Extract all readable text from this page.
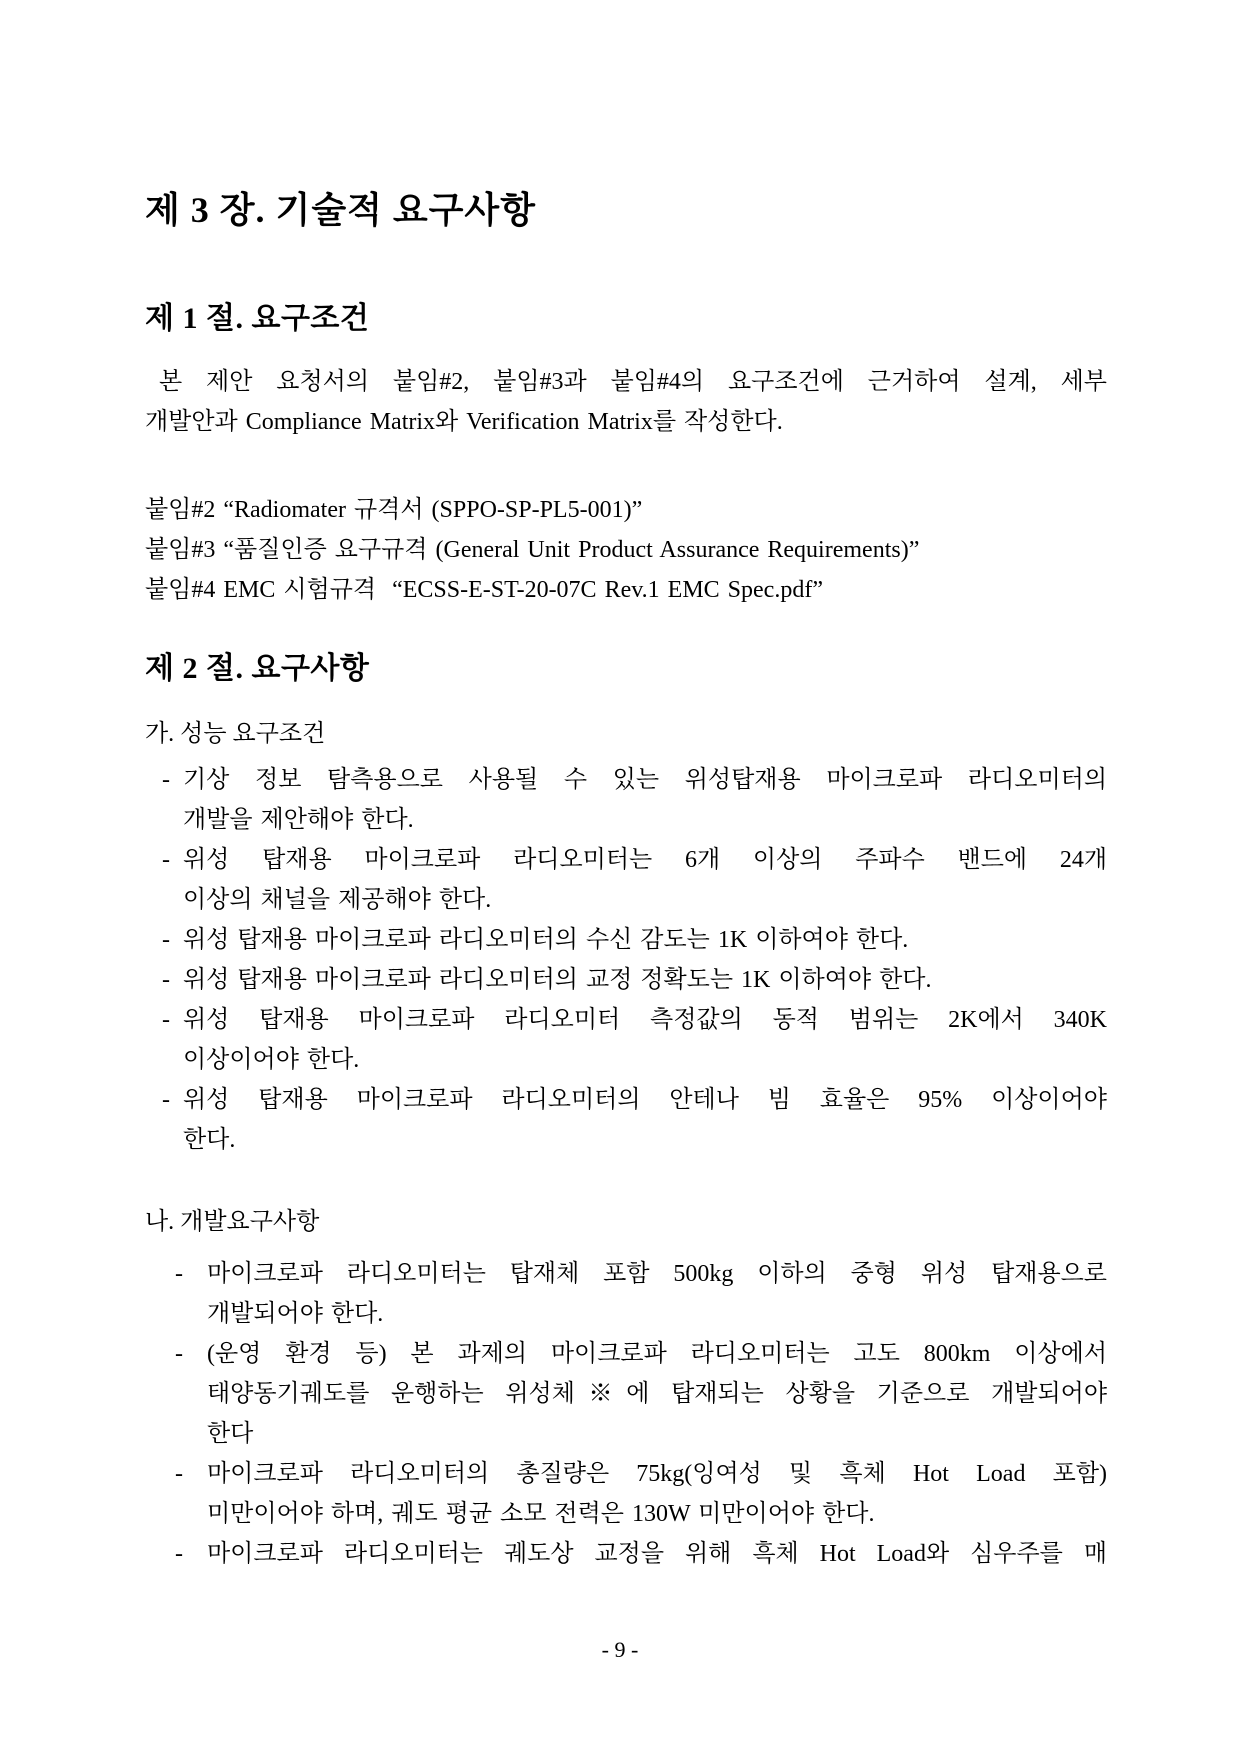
제 3 장. 기술적 요구사항
제 1 절. 요구조건
본 제안 요청서의 붙임#2, 붙임#3과 붙임#4의 요구조건에 근거하여 설계, 세부
개발안과 Compliance Matrix와 Verification Matrix를 작성한다.
붙임#2 “Radiomater 규격서 (SPPO-SP-PL5-001)”
붙임#3 “품질인증 요구규격 (General Unit Product Assurance Requirements)”
붙임#4 EMC 시험규격  “ECSS-E-ST-20-07C Rev.1 EMC Spec.pdf”
제 2 절. 요구사항
가. 성능 요구조건
- 기상 정보 탐측용으로 사용될 수 있는 위성탑재용 마이크로파 라디오미터의
개발을 제안해야 한다.
- 위성 탑재용 마이크로파 라디오미터는 6개 이상의 주파수 밴드에 24개
이상의 채널을 제공해야 한다.
- 위성 탑재용 마이크로파 라디오미터의 수신 감도는 1K 이하여야 한다.
- 위성 탑재용 마이크로파 라디오미터의 교정 정확도는 1K 이하여야 한다.
- 위성 탑재용 마이크로파 라디오미터 측정값의 동적 범위는 2K에서 340K
이상이어야 한다.
- 위성 탑재용 마이크로파 라디오미터의 안테나 빔 효율은 95% 이상이어야
한다.
나. 개발요구사항
- 마이크로파 라디오미터는 탑재체 포함 500kg 이하의 중형 위성 탑재용으로
개발되어야 한다.
- (운영 환경 등) 본 과제의 마이크로파 라디오미터는 고도 800km 이상에서
태양동기궤도를 운행하는 위성체※에 탑재되는 상황을 기준으로 개발되어야
한다
- 마이크로파 라디오미터의 총질량은 75kg(잉여성 및 흑체 Hot Load 포함)
미만이어야 하며, 궤도 평균 소모 전력은 130W 미만이어야 한다.
- 마이크로파 라디오미터는 궤도상 교정을 위해 흑체 Hot Load와 심우주를 매
- 9 -
